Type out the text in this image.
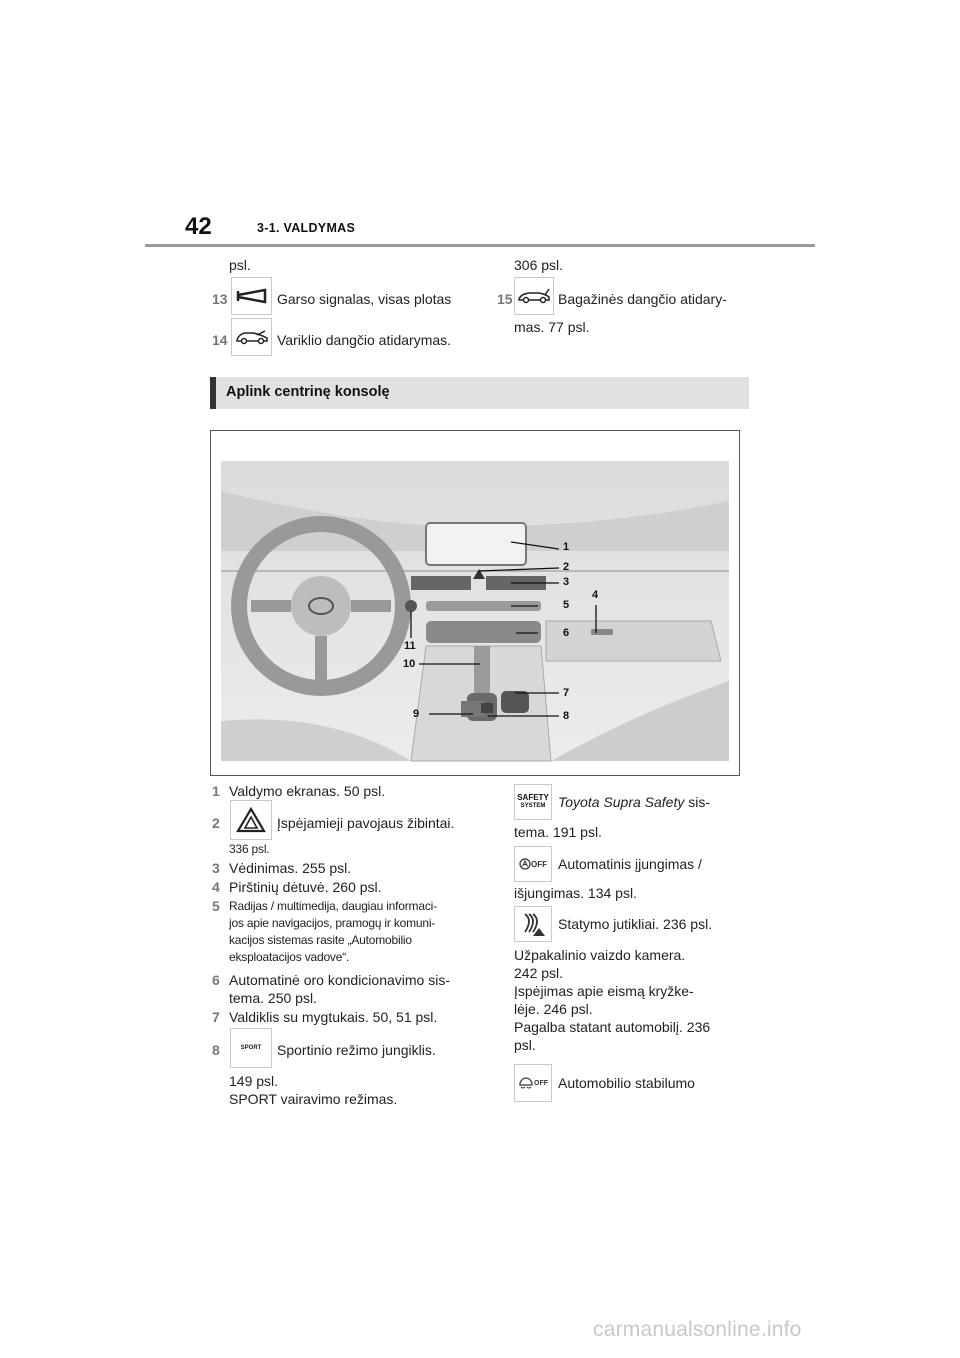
42	3-1. VALDYMAS
psl.
13	Garso signalas, visas plotas
14	Variklio dangčio atidarymas.
306 psl.
15	Bagažinės dangčio atidary-
mas. 77 psl.
Aplink centrinę konsolę
1
2
3
4
5
6
7
8
9
10
11
1 Valdymo ekranas. 50 psl.
2	Įspėjamieji pavojaus žibintai.
336 psl.
3 Vėdinimas. 255 psl.
4 Pirštinių dėtuvė. 260 psl.
5 Radijas / multimedija, daugiau informaci-
jos apie navigacijos, pramogų ir komuni-
kacijos sistemas rasite „Automobilio
eksploatacijos vadove“.
6 Automatinė oro kondicionavimo sis-
tema. 250 psl.
7 Valdiklis su mygtukais. 50, 51 psl.
8	SPORT Sportinio režimo jungiklis.
149 psl.
SPORT vairavimo režimas.
SAFETY
SYSTEM Toyota Supra Safety sis-
tema. 191 psl.
OFF Automatinis įjungimas /
išjungimas. 134 psl.
Statymo jutikliai. 236 psl.
Užpakalinio vaizdo kamera.
242 psl.
Įspėjimas apie eismą kryžke-
lėje. 246 psl.
Pagalba statant automobilį. 236
psl.
OFF Automobilio stabilumo
carmanualsonline.info
